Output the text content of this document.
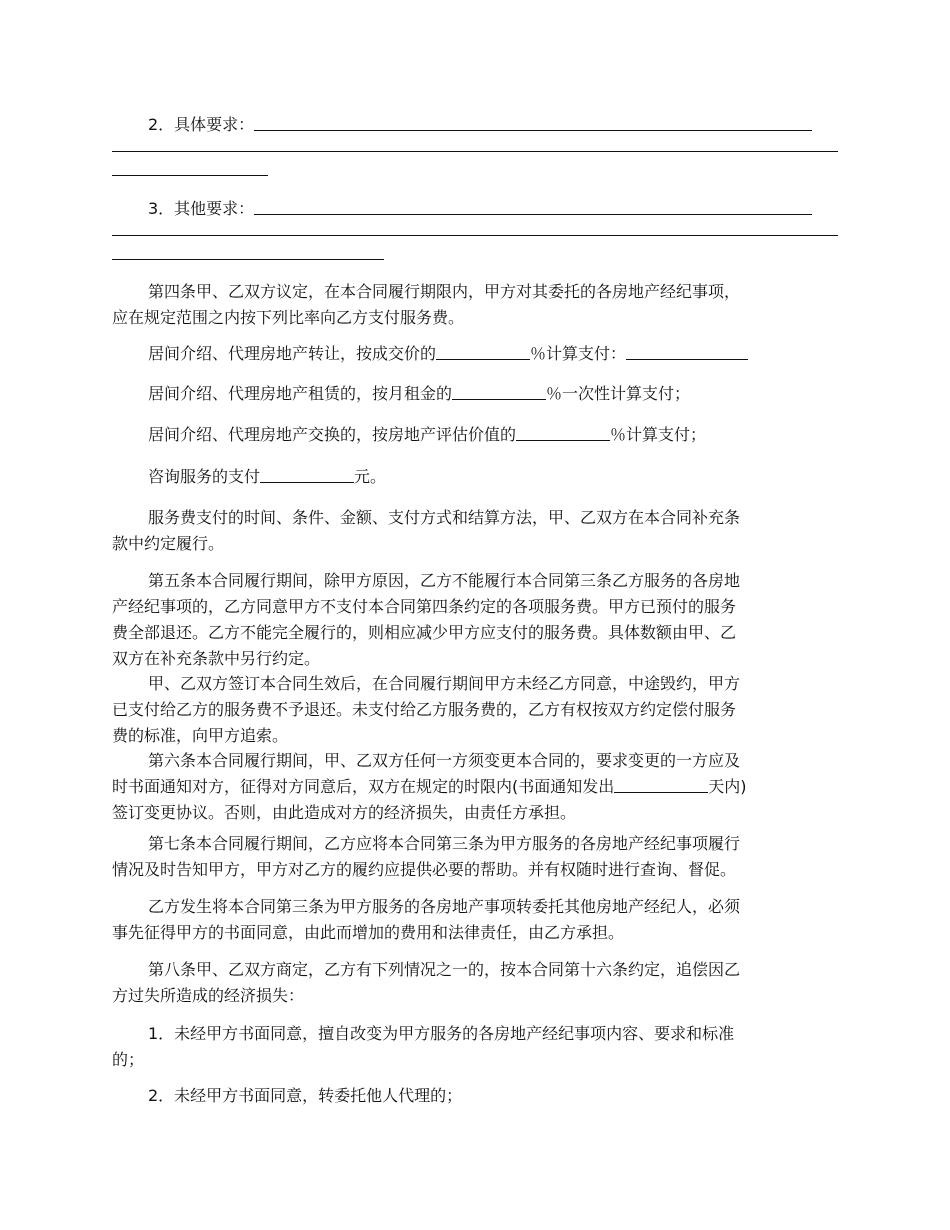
2．具体要求：
3．其他要求：
第四条甲、乙双方议定，在本合同履行期限内，甲方对其委托的各房地产经纪事项，
应在规定范围之内按下列比率向乙方支付服务费。
居间介绍、代理房地产转让，按成交价的	％计算支付：
居间介绍、代理房地产租赁的，按月租金的	％一次性计算支付；
居间介绍、代理房地产交换的，按房地产评估价值的	％计算支付；
咨询服务的支付	元。
服务费支付的时间、条件、金额、支付方式和结算方法，甲、乙双方在本合同补充条
款中约定履行。
第五条本合同履行期间，除甲方原因，乙方不能履行本合同第三条乙方服务的各房地
产经纪事项的，乙方同意甲方不支付本合同第四条约定的各项服务费。甲方已预付的服务
费全部退还。乙方不能完全履行的，则相应减少甲方应支付的服务费。具体数额由甲、乙
双方在补充条款中另行约定。
甲、乙双方签订本合同生效后，在合同履行期间甲方未经乙方同意，中途毁约，甲方
已支付给乙方的服务费不予退还。未支付给乙方服务费的，乙方有权按双方约定偿付服务
费的标准，向甲方追索。
第六条本合同履行期间，甲、乙双方任何一方须变更本合同的，要求变更的一方应及
时书面通知对方，征得对方同意后，双方在规定的时限内(书面通知发出	天内)
签订变更协议。否则，由此造成对方的经济损失，由责任方承担。
第七条本合同履行期间，乙方应将本合同第三条为甲方服务的各房地产经纪事项履行
情况及时告知甲方，甲方对乙方的履约应提供必要的帮助。并有权随时进行查询、督促。
乙方发生将本合同第三条为甲方服务的各房地产事项转委托其他房地产经纪人，必须
事先征得甲方的书面同意，由此而增加的费用和法律责任，由乙方承担。
第八条甲、乙双方商定，乙方有下列情况之一的，按本合同第十六条约定，追偿因乙
方过失所造成的经济损失：
1．未经甲方书面同意，擅自改变为甲方服务的各房地产经纪事项内容、要求和标准
的；
2．未经甲方书面同意，转委托他人代理的；
